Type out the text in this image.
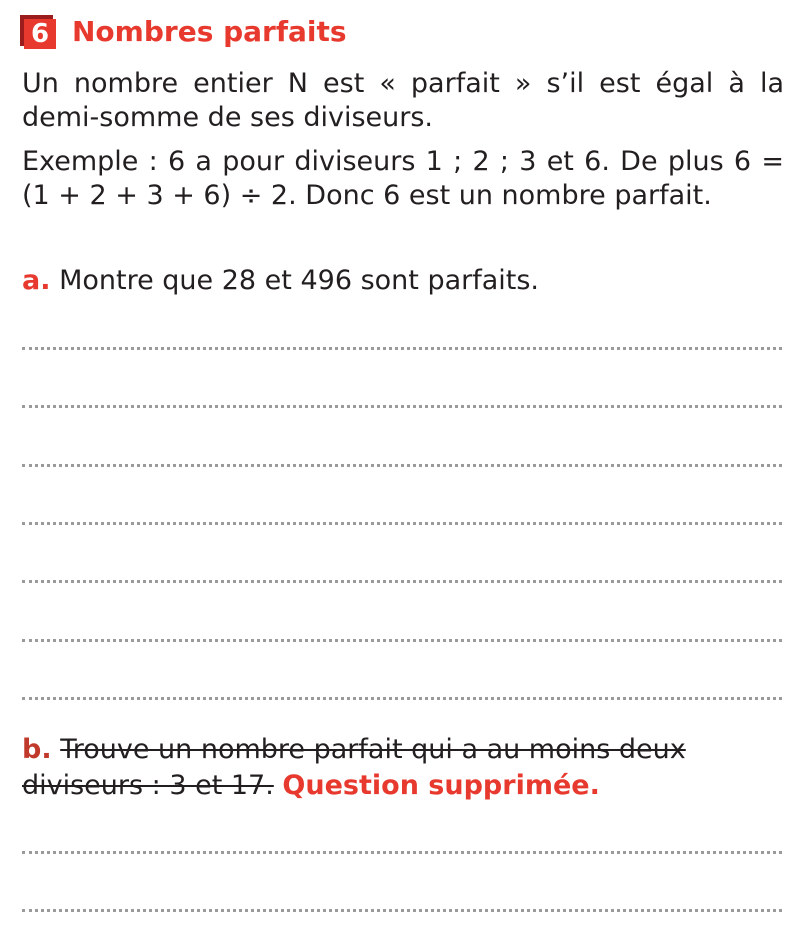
6 Nombres parfaits

Un nombre entier N est « parfait » s’il est égal à la demi-somme de ses diviseurs.

Exemple : 6 a pour diviseurs 1 ; 2 ; 3 et 6. De plus 6 = (1 + 2 + 3 + 6) ÷ 2. Donc 6 est un nombre parfait.

a. Montre que 28 et 496 sont parfaits.

b. Trouve un nombre parfait qui a au moins deux diviseurs : 3 et 17. Question supprimée.
